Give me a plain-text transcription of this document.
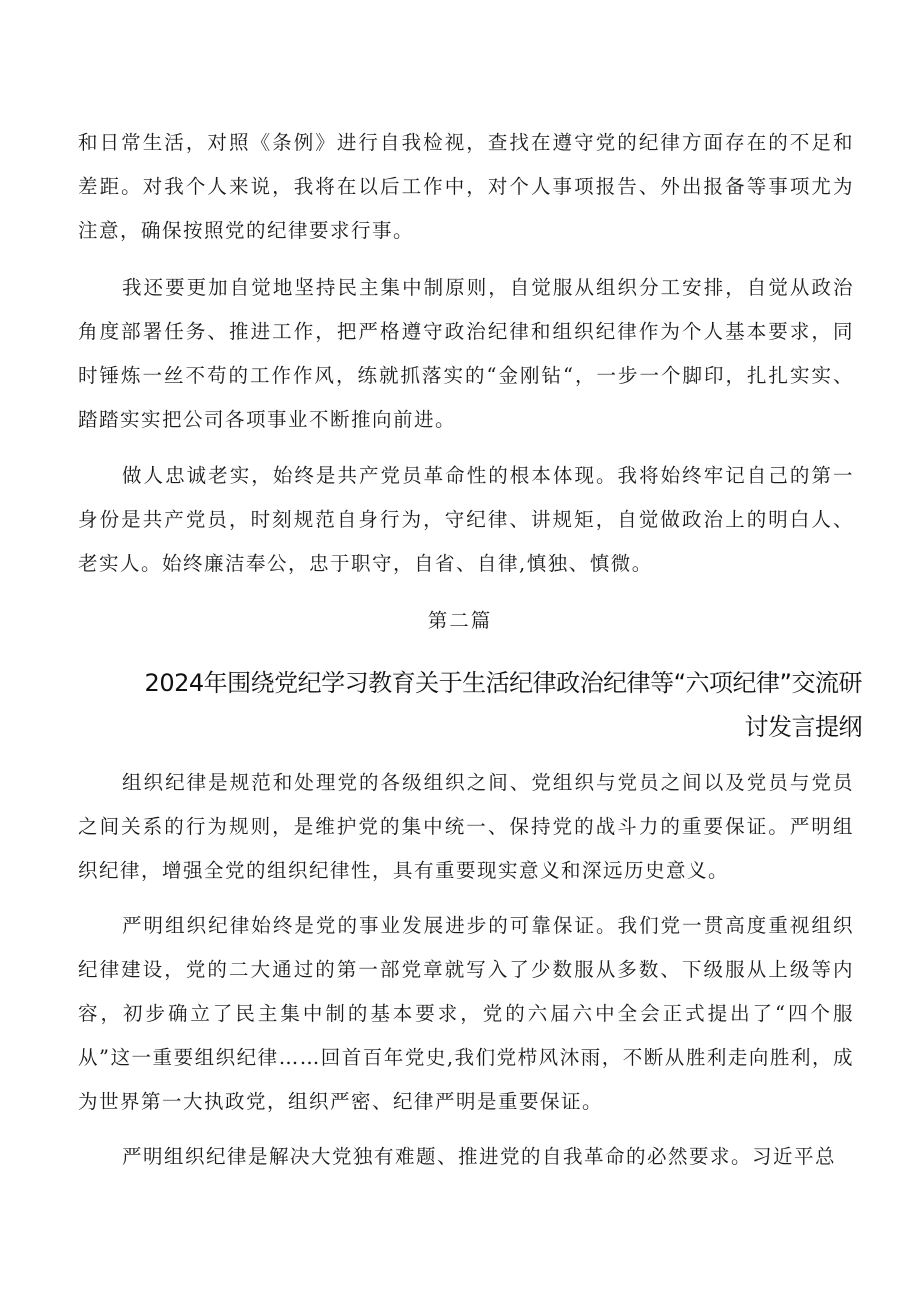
和日常生活，对照《条例》进行自我检视，查找在遵守党的纪律方面存在的不足和差距。对我个人来说，我将在以后工作中，对个人事项报告、外出报备等事项尤为注意，确保按照党的纪律要求行事。

我还要更加自觉地坚持民主集中制原则，自觉服从组织分工安排，自觉从政治角度部署任务、推进工作，把严格遵守政治纪律和组织纪律作为个人基本要求，同时锤炼一丝不苟的工作作风，练就抓落实的“金刚钻“，一步一个脚印，扎扎实实、踏踏实实把公司各项事业不断推向前进。

做人忠诚老实，始终是共产党员革命性的根本体现。我将始终牢记自己的第一身份是共产党员，时刻规范自身行为，守纪律、讲规矩，自觉做政治上的明白人、老实人。始终廉洁奉公，忠于职守，自省、自律,慎独、慎微。

第二篇

2024年围绕党纪学习教育关于生活纪律政治纪律等“六项纪律”交流研
讨发言提纲

组织纪律是规范和处理党的各级组织之间、党组织与党员之间以及党员与党员之间关系的行为规则，是维护党的集中统一、保持党的战斗力的重要保证。严明组织纪律，增强全党的组织纪律性，具有重要现实意义和深远历史意义。

严明组织纪律始终是党的事业发展进步的可靠保证。我们党一贯高度重视组织纪律建设，党的二大通过的第一部党章就写入了少数服从多数、下级服从上级等内容，初步确立了民主集中制的基本要求，党的六届六中全会正式提出了“四个服从”这一重要组织纪律……回首百年党史,我们党栉风沐雨，不断从胜利走向胜利，成为世界第一大执政党，组织严密、纪律严明是重要保证。

严明组织纪律是解决大党独有难题、推进党的自我革命的必然要求。习近平总
